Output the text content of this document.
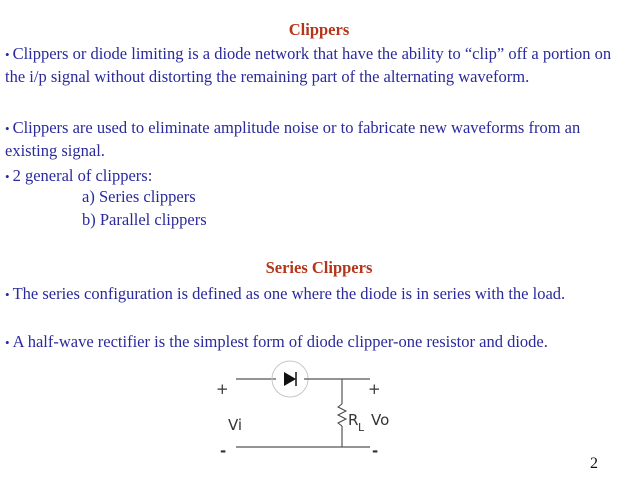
Clippers
• Clippers or diode limiting is a diode network that have the ability to “clip” off a portion on the i/p signal without distorting the remaining part of the alternating waveform.
• Clippers are used to eliminate amplitude noise or to fabricate new waveforms from an existing signal.
• 2 general of clippers:
a) Series clippers
b) Parallel clippers
Series Clippers
• The series configuration is defined as one where the diode is in series with the load.
• A half-wave rectifier is the simplest form of diode clipper-one resistor and diode.
+	+
Vi	R L Vo
-	-
2
